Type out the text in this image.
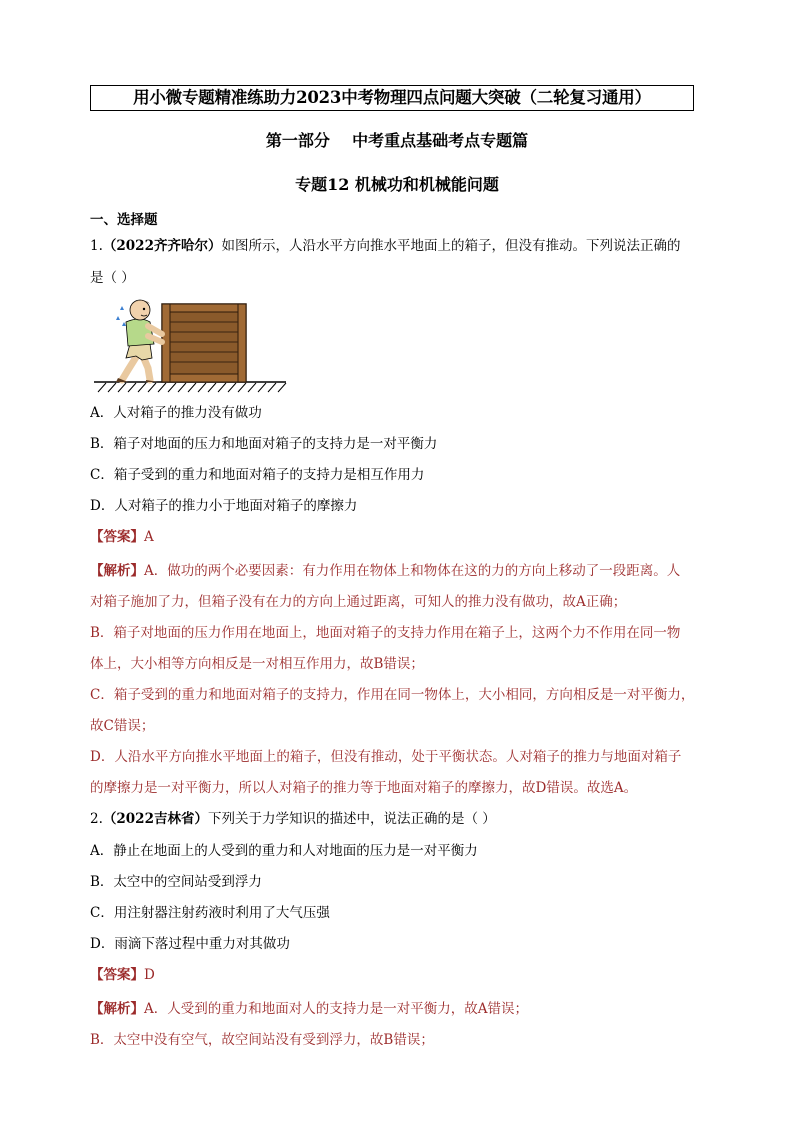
用小微专题精准练助力2023中考物理四点问题大突破（二轮复习通用）
第一部分    中考重点基础考点专题篇
专题12 机械功和机械能问题
一、选择题
1.（2022齐齐哈尔）如图所示，人沿水平方向推水平地面上的箱子，但没有推动。下列说法正确的
是（ ）
A．人对箱子的推力没有做功
B．箱子对地面的压力和地面对箱子的支持力是一对平衡力
C．箱子受到的重力和地面对箱子的支持力是相互作用力
D．人对箱子的推力小于地面对箱子的摩擦力
【答案】A
【解析】A．做功的两个必要因素：有力作用在物体上和物体在这的力的方向上移动了一段距离。人
对箱子施加了力，但箱子没有在力的方向上通过距离，可知人的推力没有做功，故A正确；
B．箱子对地面的压力作用在地面上，地面对箱子的支持力作用在箱子上，这两个力不作用在同一物
体上，大小相等方向相反是一对相互作用力，故B错误；
C．箱子受到的重力和地面对箱子的支持力，作用在同一物体上，大小相同，方向相反是一对平衡力，
故C错误；
D．人沿水平方向推水平地面上的箱子，但没有推动，处于平衡状态。人对箱子的推力与地面对箱子
的摩擦力是一对平衡力，所以人对箱子的推力等于地面对箱子的摩擦力，故D错误。故选A。
2.（2022吉林省）下列关于力学知识的描述中，说法正确的是（ ）
A．静止在地面上的人受到的重力和人对地面的压力是一对平衡力
B．太空中的空间站受到浮力
C．用注射器注射药液时利用了大气压强
D．雨滴下落过程中重力对其做功
【答案】D
【解析】A．人受到的重力和地面对人的支持力是一对平衡力，故A错误；
B．太空中没有空气，故空间站没有受到浮力，故B错误；
